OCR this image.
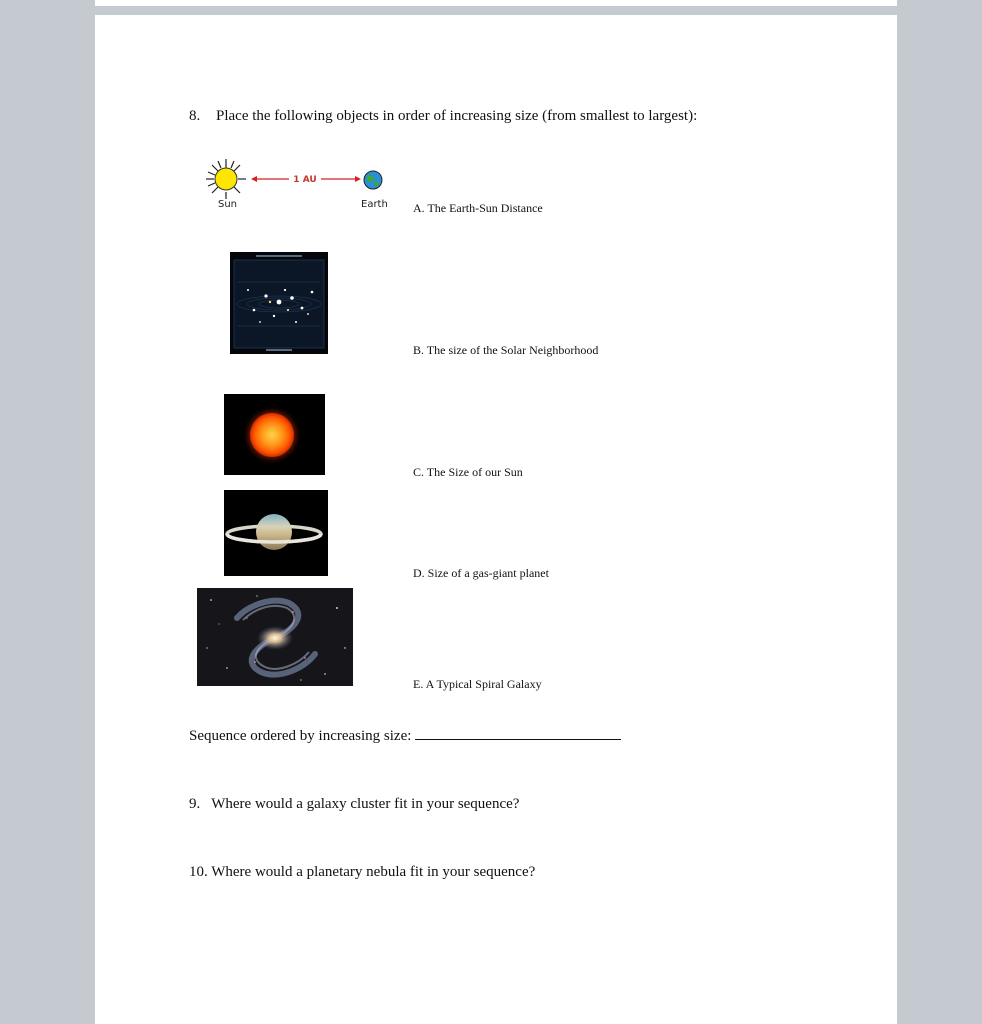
8. Place the following objects in order of increasing size (from smallest to largest):
Sun
1 AU
Earth A. The Earth-Sun Distance
B. The size of the Solar Neighborhood
C. The Size of our Sun
D. Size of a gas-giant planet
E. A Typical Spiral Galaxy
Sequence ordered by increasing size:
9.   Where would a galaxy cluster fit in your sequence?
10. Where would a planetary nebula fit in your sequence?
